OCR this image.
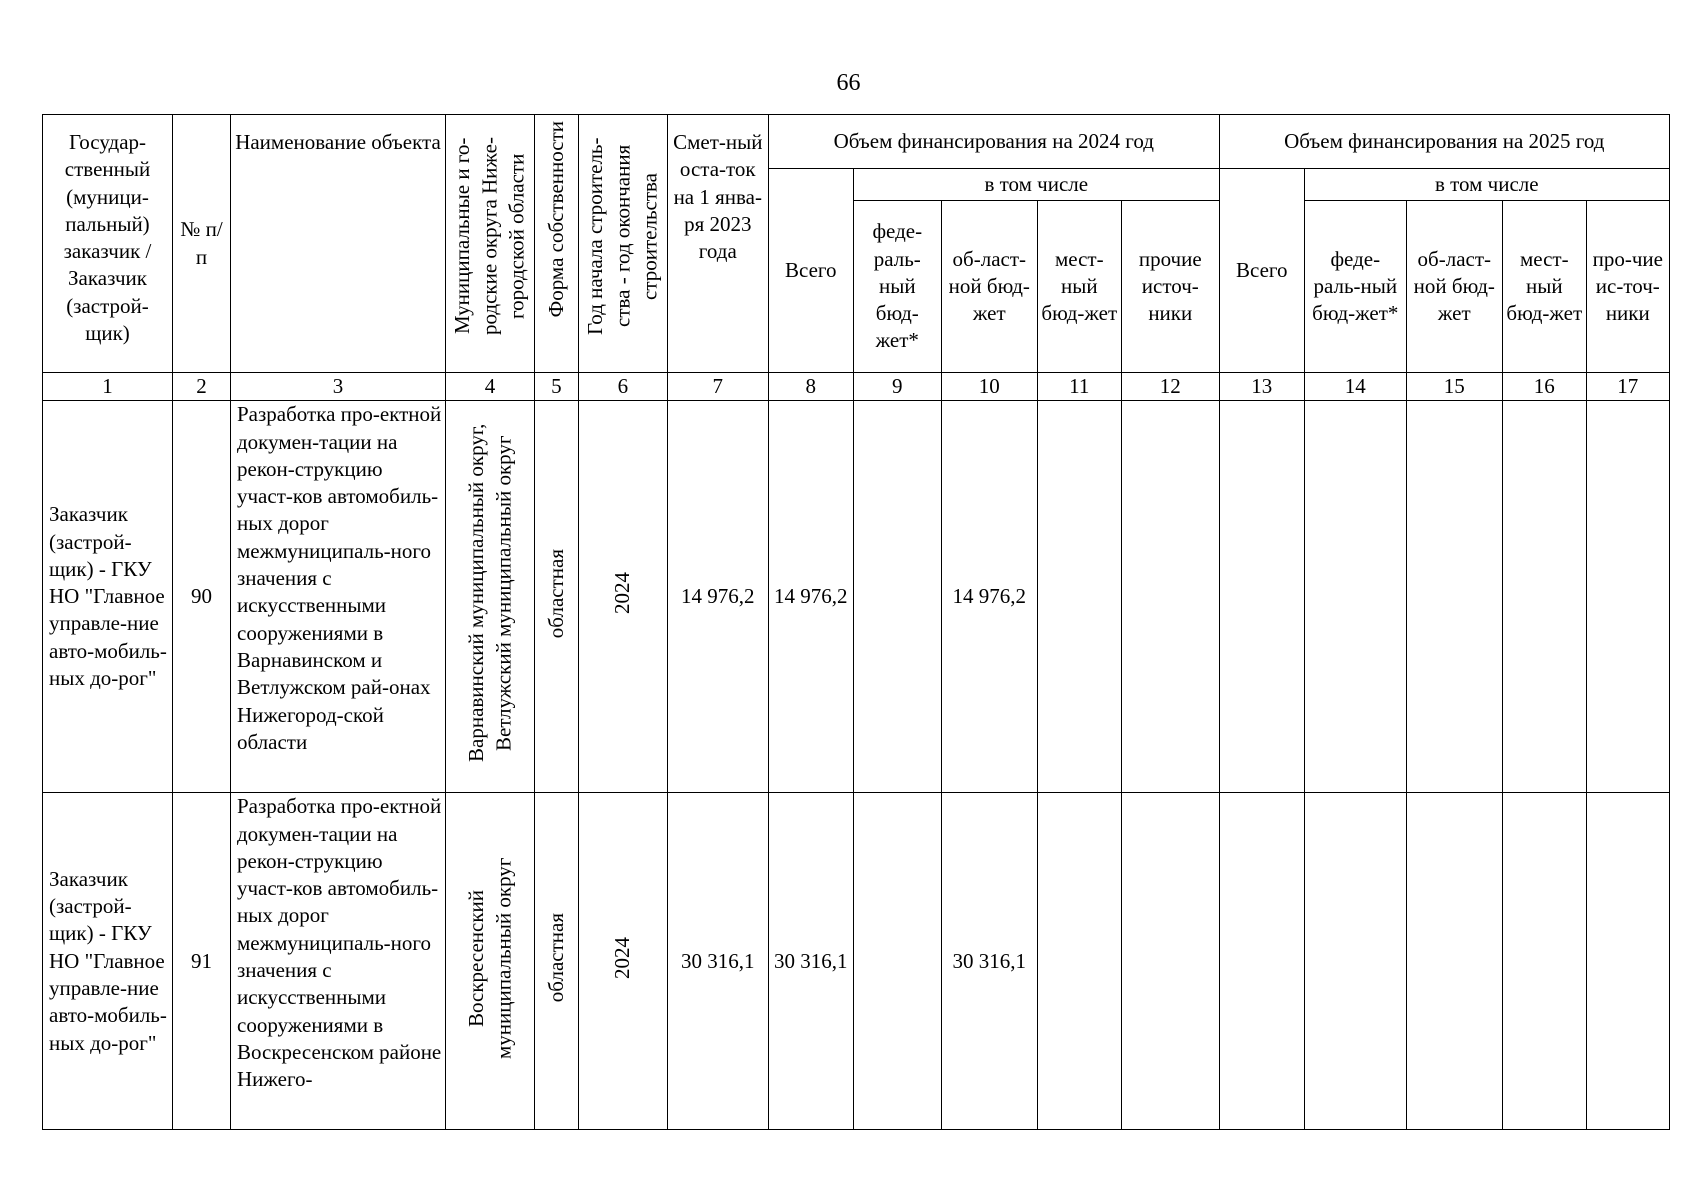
66
Государ-ственный (муници-пальный) заказчик / Заказчик (застрой-щик)	№ п/п	Наименование объекта	Муниципальные и го-родские округа Ниже-городской области	Форма собственности	Год начала строитель-ства - год окончания строительства	Смет-ный оста-ток на 1 янва-ря 2023 года	Объем финансирования на 2024 год					Объем финансирования на 2025 год				
							Всего	в том числе				Всего	в том числе			
								феде-раль-ный бюд-жет*	об-ласт-ной бюд-жет	мест-ный бюд-жет	прочие источ-ники		феде-раль-ный бюд-жет*	об-ласт-ной бюд-жет	мест-ный бюд-жет	про-чие ис-точ-ники
1	2	3	4	5	6	7	8	9	10	11	12	13	14	15	16	17
Заказчик (застрой-щик) - ГКУ НО "Главное управле-ние авто-мобиль-ных до-рог"	90	Разработка про-ектной докумен-тации на рекон-струкцию участ-ков автомобиль-ных дорог межмуниципаль-ного значения с искусственными сооружениями в Варнавинском и Ветлужском рай-онах Нижегород-ской области	Варнавинский муниципальный округ, Ветлужский муниципальный округ	областная	2024	14 976,2	14 976,2		14 976,2							
Заказчик (застрой-щик) - ГКУ НО "Главное управле-ние авто-мобиль-ных до-рог"	91	Разработка про-ектной докумен-тации на рекон-струкцию участ-ков автомобиль-ных дорог межмуниципаль-ного значения с искусственными сооружениями в Воскресенском районе Нижего-	Воскресенский муниципальный округ	областная	2024	30 316,1	30 316,1		30 316,1							
